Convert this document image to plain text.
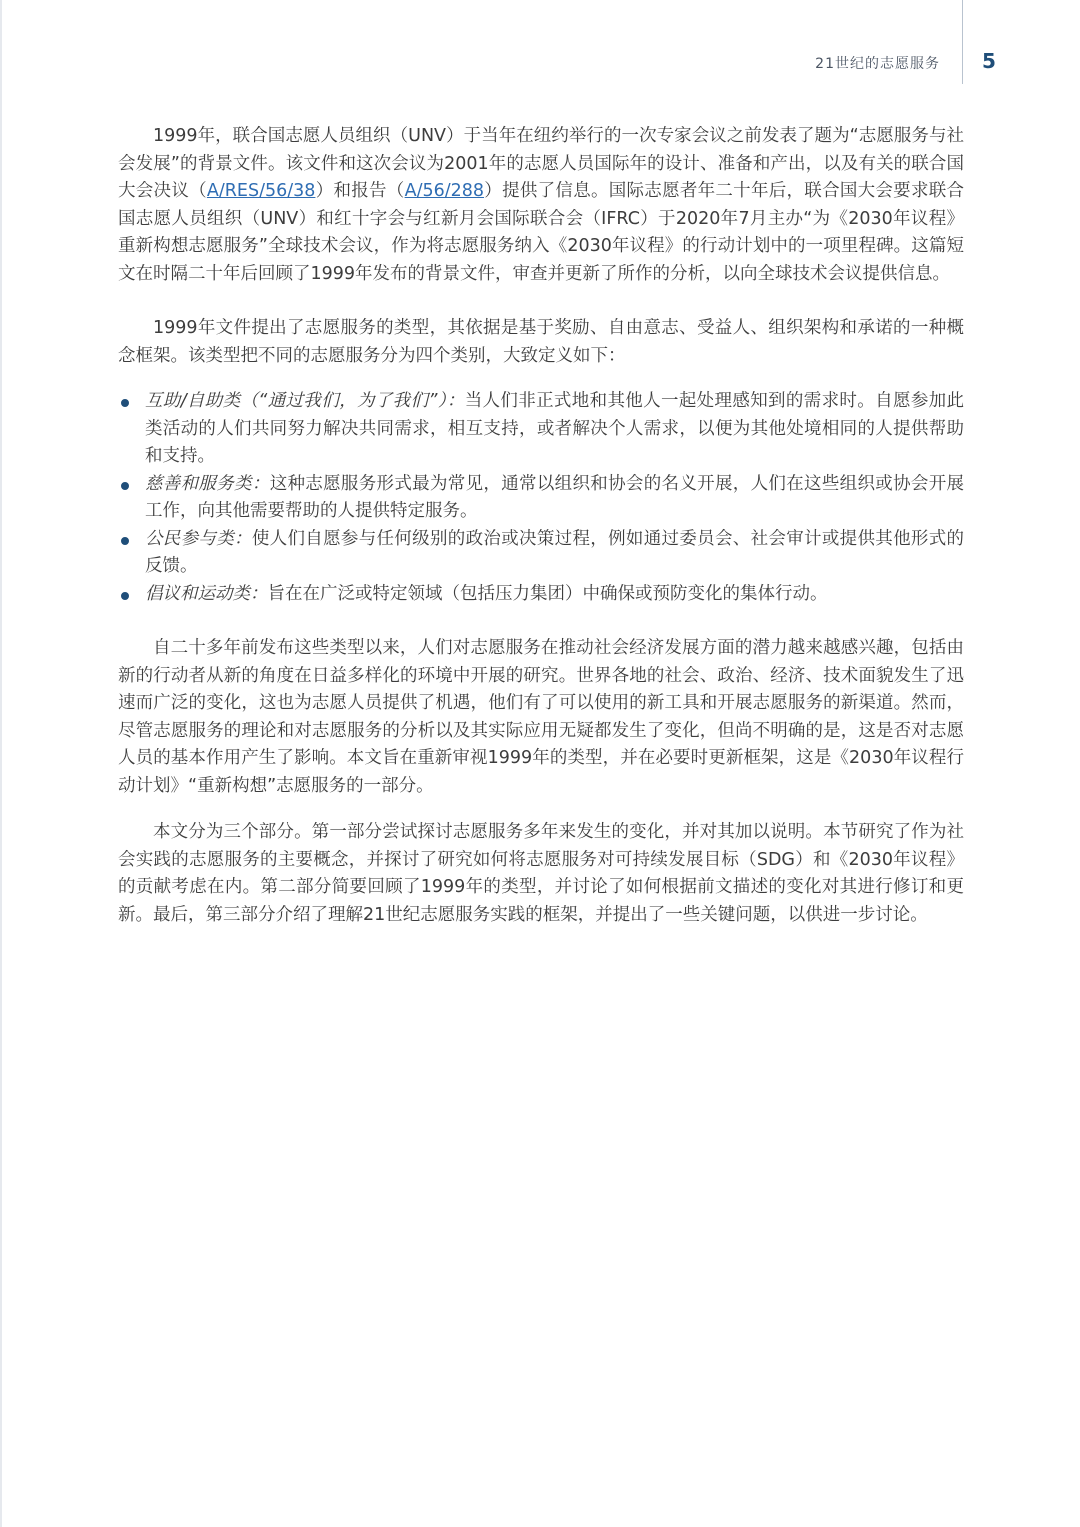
21世纪的志愿服务 5

1999年，联合国志愿人员组织（UNV）于当年在纽约举行的一次专家会议之前发表了题为“志愿服务与社会发展”的背景文件。该文件和这次会议为2001年的志愿人员国际年的设计、准备和产出，以及有关的联合国大会决议（A/RES/56/38）和报告（A/56/288）提供了信息。国际志愿者年二十年后，联合国大会要求联合国志愿人员组织（UNV）和红十字会与红新月会国际联合会（IFRC）于2020年7月主办“为《2030年议程》重新构想志愿服务”全球技术会议，作为将志愿服务纳入《2030年议程》的行动计划中的一项里程碑。这篇短文在时隔二十年后回顾了1999年发布的背景文件，审查并更新了所作的分析，以向全球技术会议提供信息。

1999年文件提出了志愿服务的类型，其依据是基于奖励、自由意志、受益人、组织架构和承诺的一种概念框架。该类型把不同的志愿服务分为四个类别，大致定义如下：

互助/自助类（“通过我们，为了我们”）：当人们非正式地和其他人一起处理感知到的需求时。自愿参加此类活动的人们共同努力解决共同需求，相互支持，或者解决个人需求，以便为其他处境相同的人提供帮助和支持。
慈善和服务类：这种志愿服务形式最为常见，通常以组织和协会的名义开展，人们在这些组织或协会开展工作，向其他需要帮助的人提供特定服务。
公民参与类：使人们自愿参与任何级别的政治或决策过程，例如通过委员会、社会审计或提供其他形式的反馈。
倡议和运动类：旨在在广泛或特定领域（包括压力集团）中确保或预防变化的集体行动。

自二十多年前发布这些类型以来，人们对志愿服务在推动社会经济发展方面的潜力越来越感兴趣，包括由新的行动者从新的角度在日益多样化的环境中开展的研究。世界各地的社会、政治、经济、技术面貌发生了迅速而广泛的变化，这也为志愿人员提供了机遇，他们有了可以使用的新工具和开展志愿服务的新渠道。然而，尽管志愿服务的理论和对志愿服务的分析以及其实际应用无疑都发生了变化，但尚不明确的是，这是否对志愿人员的基本作用产生了影响。本文旨在重新审视1999年的类型，并在必要时更新框架，这是《2030年议程行动计划》“重新构想”志愿服务的一部分。

本文分为三个部分。第一部分尝试探讨志愿服务多年来发生的变化，并对其加以说明。本节研究了作为社会实践的志愿服务的主要概念，并探讨了研究如何将志愿服务对可持续发展目标（SDG）和《2030年议程》的贡献考虑在内。第二部分简要回顾了1999年的类型，并讨论了如何根据前文描述的变化对其进行修订和更新。最后，第三部分介绍了理解21世纪志愿服务实践的框架，并提出了一些关键问题，以供进一步讨论。
